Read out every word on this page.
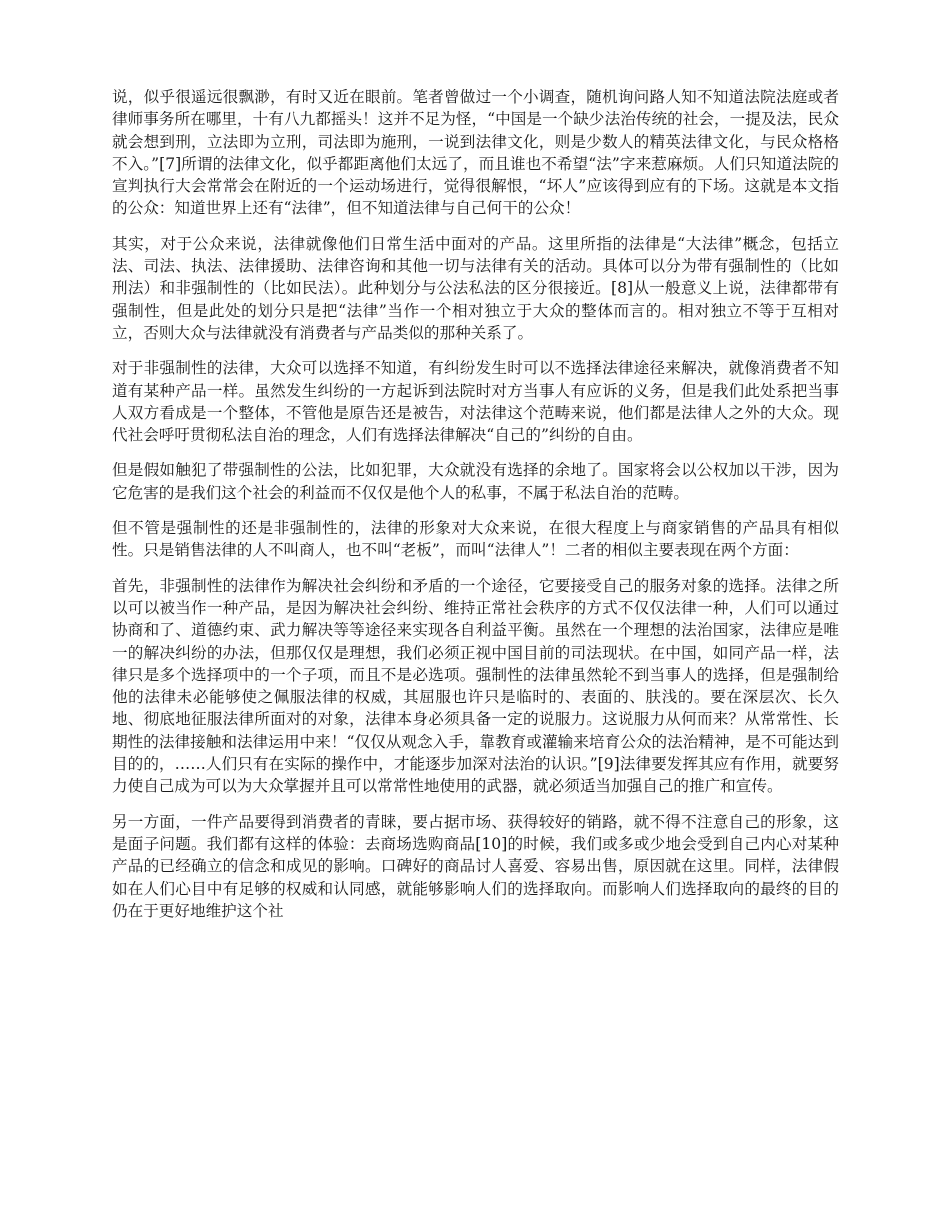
说，似乎很遥远很飘渺，有时又近在眼前。笔者曾做过一个小调查，随机询问路人知不知道法院法庭或者律师事务所在哪里，十有八九都摇头！这并不足为怪，“中国是一个缺少法治传统的社会，一提及法，民众就会想到刑，立法即为立刑，司法即为施刑，一说到法律文化，则是少数人的精英法律文化，与民众格格不入。”[7]所谓的法律文化，似乎都距离他们太远了，而且谁也不希望“法”字来惹麻烦。人们只知道法院的宣判执行大会常常会在附近的一个运动场进行，觉得很解恨，“坏人”应该得到应有的下场。这就是本文指的公众：知道世界上还有“法律”，但不知道法律与自己何干的公众！

其实，对于公众来说，法律就像他们日常生活中面对的产品。这里所指的法律是“大法律”概念，包括立法、司法、执法、法律援助、法律咨询和其他一切与法律有关的活动。具体可以分为带有强制性的（比如刑法）和非强制性的（比如民法）。此种划分与公法私法的区分很接近。[8]从一般意义上说，法律都带有强制性，但是此处的划分只是把“法律”当作一个相对独立于大众的整体而言的。相对独立不等于互相对立，否则大众与法律就没有消费者与产品类似的那种关系了。

对于非强制性的法律，大众可以选择不知道，有纠纷发生时可以不选择法律途径来解决，就像消费者不知道有某种产品一样。虽然发生纠纷的一方起诉到法院时对方当事人有应诉的义务，但是我们此处系把当事人双方看成是一个整体，不管他是原告还是被告，对法律这个范畴来说，他们都是法律人之外的大众。现代社会呼吁贯彻私法自治的理念，人们有选择法律解决“自己的”纠纷的自由。

但是假如触犯了带强制性的公法，比如犯罪，大众就没有选择的余地了。国家将会以公权加以干涉，因为它危害的是我们这个社会的利益而不仅仅是他个人的私事，不属于私法自治的范畴。

但不管是强制性的还是非强制性的，法律的形象对大众来说，在很大程度上与商家销售的产品具有相似性。只是销售法律的人不叫商人，也不叫“老板”，而叫“法律人”！二者的相似主要表现在两个方面：

首先，非强制性的法律作为解决社会纠纷和矛盾的一个途径，它要接受自己的服务对象的选择。法律之所以可以被当作一种产品，是因为解决社会纠纷、维持正常社会秩序的方式不仅仅法律一种，人们可以通过协商和了、道德约束、武力解决等等途径来实现各自利益平衡。虽然在一个理想的法治国家，法律应是唯一的解决纠纷的办法，但那仅仅是理想，我们必须正视中国目前的司法现状。在中国，如同产品一样，法律只是多个选择项中的一个子项，而且不是必选项。强制性的法律虽然轮不到当事人的选择，但是强制给他的法律未必能够使之佩服法律的权威，其屈服也许只是临时的、表面的、肤浅的。要在深层次、长久地、彻底地征服法律所面对的对象，法律本身必须具备一定的说服力。这说服力从何而来？从常常性、长期性的法律接触和法律运用中来！“仅仅从观念入手，靠教育或灌输来培育公众的法治精神，是不可能达到目的的，……人们只有在实际的操作中，才能逐步加深对法治的认识。”[9]法律要发挥其应有作用，就要努力使自己成为可以为大众掌握并且可以常常性地使用的武器，就必须适当加强自己的推广和宣传。

另一方面，一件产品要得到消费者的青睐，要占据市场、获得较好的销路，就不得不注意自己的形象，这是面子问题。我们都有这样的体验：去商场选购商品[10]的时候，我们或多或少地会受到自己内心对某种产品的已经确立的信念和成见的影响。口碑好的商品讨人喜爱、容易出售，原因就在这里。同样，法律假如在人们心目中有足够的权威和认同感，就能够影响人们的选择取向。而影响人们选择取向的最终的目的仍在于更好地维护这个社
